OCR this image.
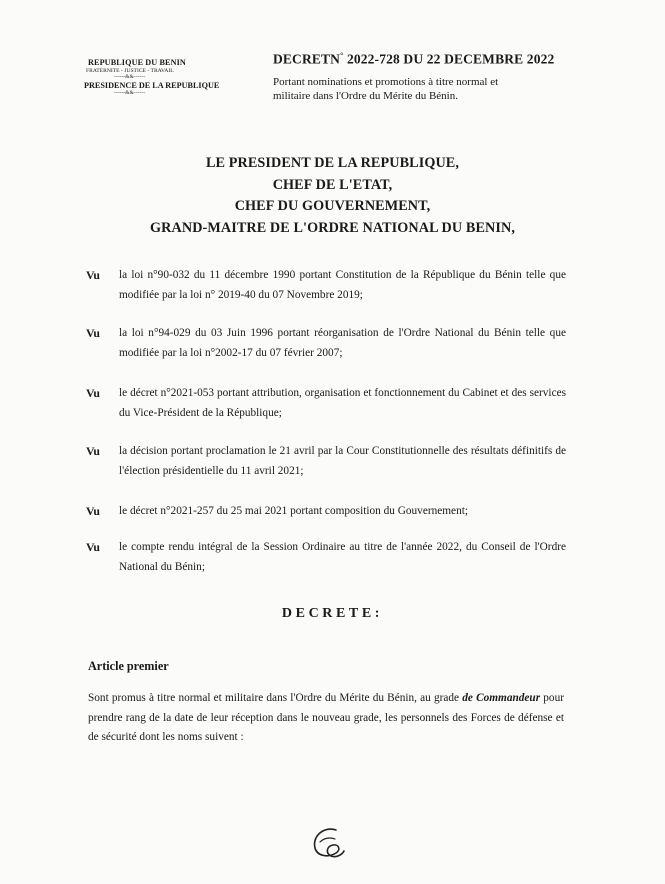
REPUBLIQUE DU BENIN
FRATERNITE - JUSTICE - TRAVAIL
------&&------
PRESIDENCE DE LA REPUBLIQUE
------&&------
DECRETN° 2022-728 DU 22 DECEMBRE 2022
Portant nominations et promotions à titre normal et
militaire dans l'Ordre du Mérite du Bénin.
LE PRESIDENT DE LA REPUBLIQUE,
CHEF DE L'ETAT,
CHEF DU GOUVERNEMENT,
GRAND-MAITRE DE L'ORDRE NATIONAL DU BENIN,
Vu la loi n°90-032 du 11 décembre 1990 portant Constitution de la République du Bénin telle que modifiée par la loi n° 2019-40 du 07 Novembre 2019;
Vu la loi n°94-029 du 03 Juin 1996 portant réorganisation de l'Ordre National du Bénin telle que modifiée par la loi n°2002-17 du 07 février 2007;
Vu le décret n°2021-053 portant attribution, organisation et fonctionnement du Cabinet et des services du Vice-Président de la République;
Vu la décision portant proclamation le 21 avril par la Cour Constitutionnelle des résultats définitifs de l'élection présidentielle du 11 avril 2021;
Vu le décret n°2021-257 du 25 mai 2021 portant composition du Gouvernement;
Vu le compte rendu intégral de la Session Ordinaire au titre de l'année 2022, du Conseil de l'Ordre National du Bénin;
DECRETE:
Article premier
Sont promus à titre normal et militaire dans l'Ordre du Mérite du Bénin, au grade de Commandeur pour prendre rang de la date de leur réception dans le nouveau grade, les personnels des Forces de défense et de sécurité dont les noms suivent :
